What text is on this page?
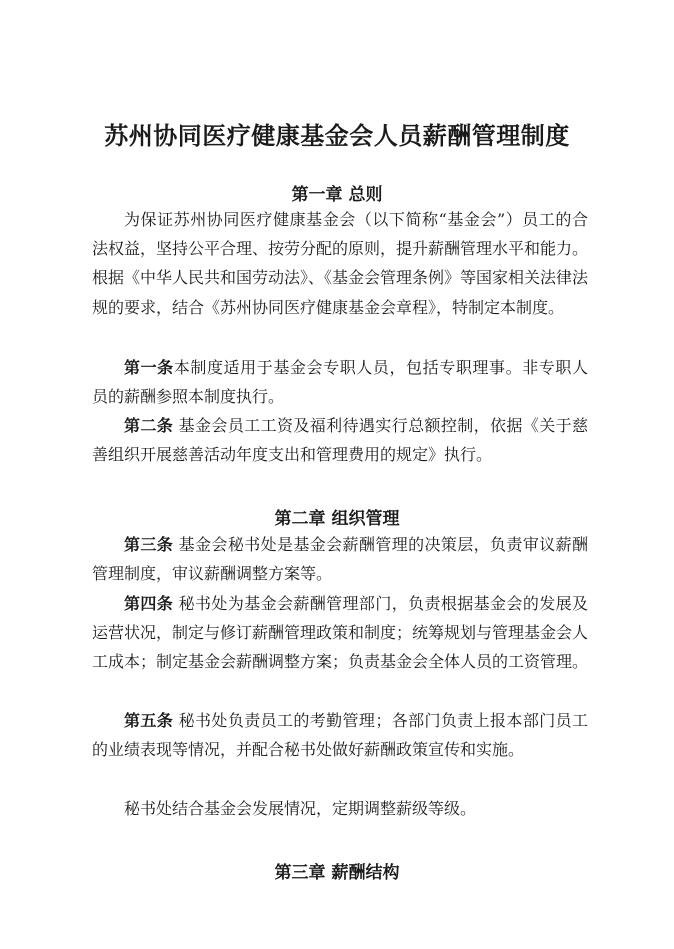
苏州协同医疗健康基金会人员薪酬管理制度
第一章 总则

为保证苏州协同医疗健康基金会（以下简称“基金会”）员工的合法权益，坚持公平合理、按劳分配的原则，提升薪酬管理水平和能力。根据《中华人民共和国劳动法》、《基金会管理条例》等国家相关法律法规的要求，结合《苏州协同医疗健康基金会章程》，特制定本制度。

第一条本制度适用于基金会专职人员，包括专职理事。非专职人员的薪酬参照本制度执行。

第二条 基金会员工工资及福利待遇实行总额控制，依据《关于慈善组织开展慈善活动年度支出和管理费用的规定》执行。

第二章 组织管理

第三条 基金会秘书处是基金会薪酬管理的决策层，负责审议薪酬管理制度，审议薪酬调整方案等。

第四条 秘书处为基金会薪酬管理部门，负责根据基金会的发展及运营状况，制定与修订薪酬管理政策和制度；统筹规划与管理基金会人工成本；制定基金会薪酬调整方案；负责基金会全体人员的工资管理。

第五条 秘书处负责员工的考勤管理；各部门负责上报本部门员工的业绩表现等情况，并配合秘书处做好薪酬政策宣传和实施。

秘书处结合基金会发展情况，定期调整薪级等级。

第三章 薪酬结构
